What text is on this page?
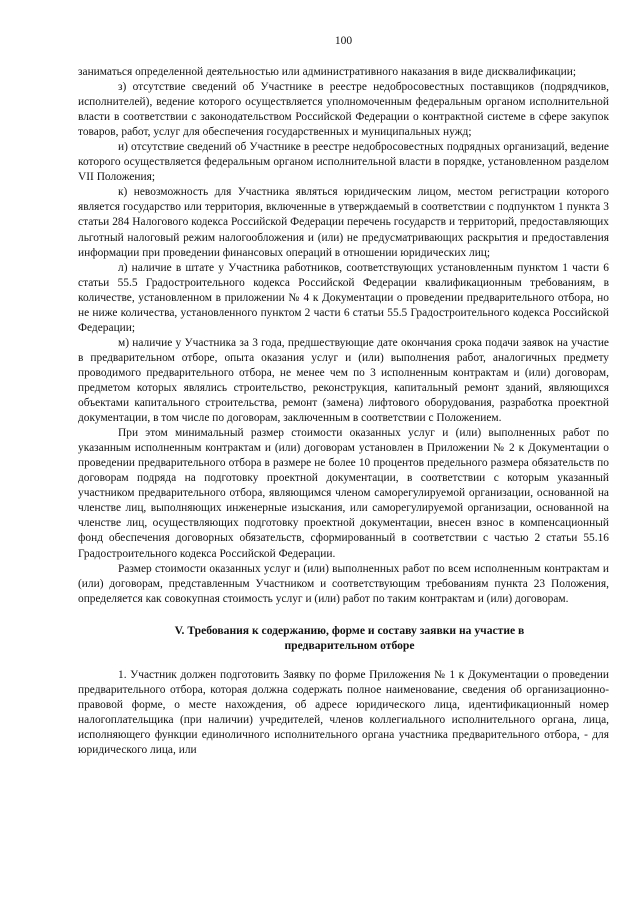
100

заниматься определенной деятельностью или административного наказания в виде дисквалификации;

з) отсутствие сведений об Участнике в реестре недобросовестных поставщиков (подрядчиков, исполнителей), ведение которого осуществляется уполномоченным федеральным органом исполнительной власти в соответствии с законодательством Российской Федерации о контрактной системе в сфере закупок товаров, работ, услуг для обеспечения государственных и муниципальных нужд;

и) отсутствие сведений об Участнике в реестре недобросовестных подрядных организаций, ведение которого осуществляется федеральным органом исполнительной власти в порядке, установленном разделом VII Положения;

к) невозможность для Участника являться юридическим лицом, местом регистрации которого является государство или территория, включенные в утверждаемый в соответствии с подпунктом 1 пункта 3 статьи 284 Налогового кодекса Российской Федерации перечень государств и территорий, предоставляющих льготный налоговый режим налогообложения и (или) не предусматривающих раскрытия и предоставления информации при проведении финансовых операций в отношении юридических лиц;

л) наличие в штате у Участника работников, соответствующих установленным пунктом 1 части 6 статьи 55.5 Градостроительного кодекса Российской Федерации квалификационным требованиям, в количестве, установленном в приложении № 4 к Документации о проведении предварительного отбора, но не ниже количества, установленного пунктом 2 части 6 статьи 55.5 Градостроительного кодекса Российской Федерации;

м) наличие у Участника за 3 года, предшествующие дате окончания срока подачи заявок на участие в предварительном отборе, опыта оказания услуг и (или) выполнения работ, аналогичных предмету проводимого предварительного отбора, не менее чем по 3 исполненным контрактам и (или) договорам, предметом которых являлись строительство, реконструкция, капитальный ремонт зданий, являющихся объектами капитального строительства, ремонт (замена) лифтового оборудования, разработка проектной документации, в том числе по договорам, заключенным в соответствии с Положением.

При этом минимальный размер стоимости оказанных услуг и (или) выполненных работ по указанным исполненным контрактам и (или) договорам установлен в Приложении № 2 к Документации о проведении предварительного отбора в размере не более 10 процентов предельного размера обязательств по договорам подряда на подготовку проектной документации, в соответствии с которым указанный участником предварительного отбора, являющимся членом саморегулируемой организации, основанной на членстве лиц, выполняющих инженерные изыскания, или саморегулируемой организации, основанной на членстве лиц, осуществляющих подготовку проектной документации, внесен взнос в компенсационный фонд обеспечения договорных обязательств, сформированный в соответствии с частью 2 статьи 55.16 Градостроительного кодекса Российской Федерации.

Размер стоимости оказанных услуг и (или) выполненных работ по всем исполненным контрактам и (или) договорам, представленным Участником и соответствующим требованиям пункта 23 Положения, определяется как совокупная стоимость услуг и (или) работ по таким контрактам и (или) договорам.

V. Требования к содержанию, форме и составу заявки на участие в
предварительном отборе

1. Участник должен подготовить Заявку по форме Приложения № 1 к Документации о проведении предварительного отбора, которая должна содержать полное наименование, сведения об организационно-правовой форме, о месте нахождения, об адресе юридического лица, идентификационный номер налогоплательщика (при наличии) учредителей, членов коллегиального исполнительного органа, лица, исполняющего функции единоличного исполнительного органа участника предварительного отбора, - для юридического лица, или
